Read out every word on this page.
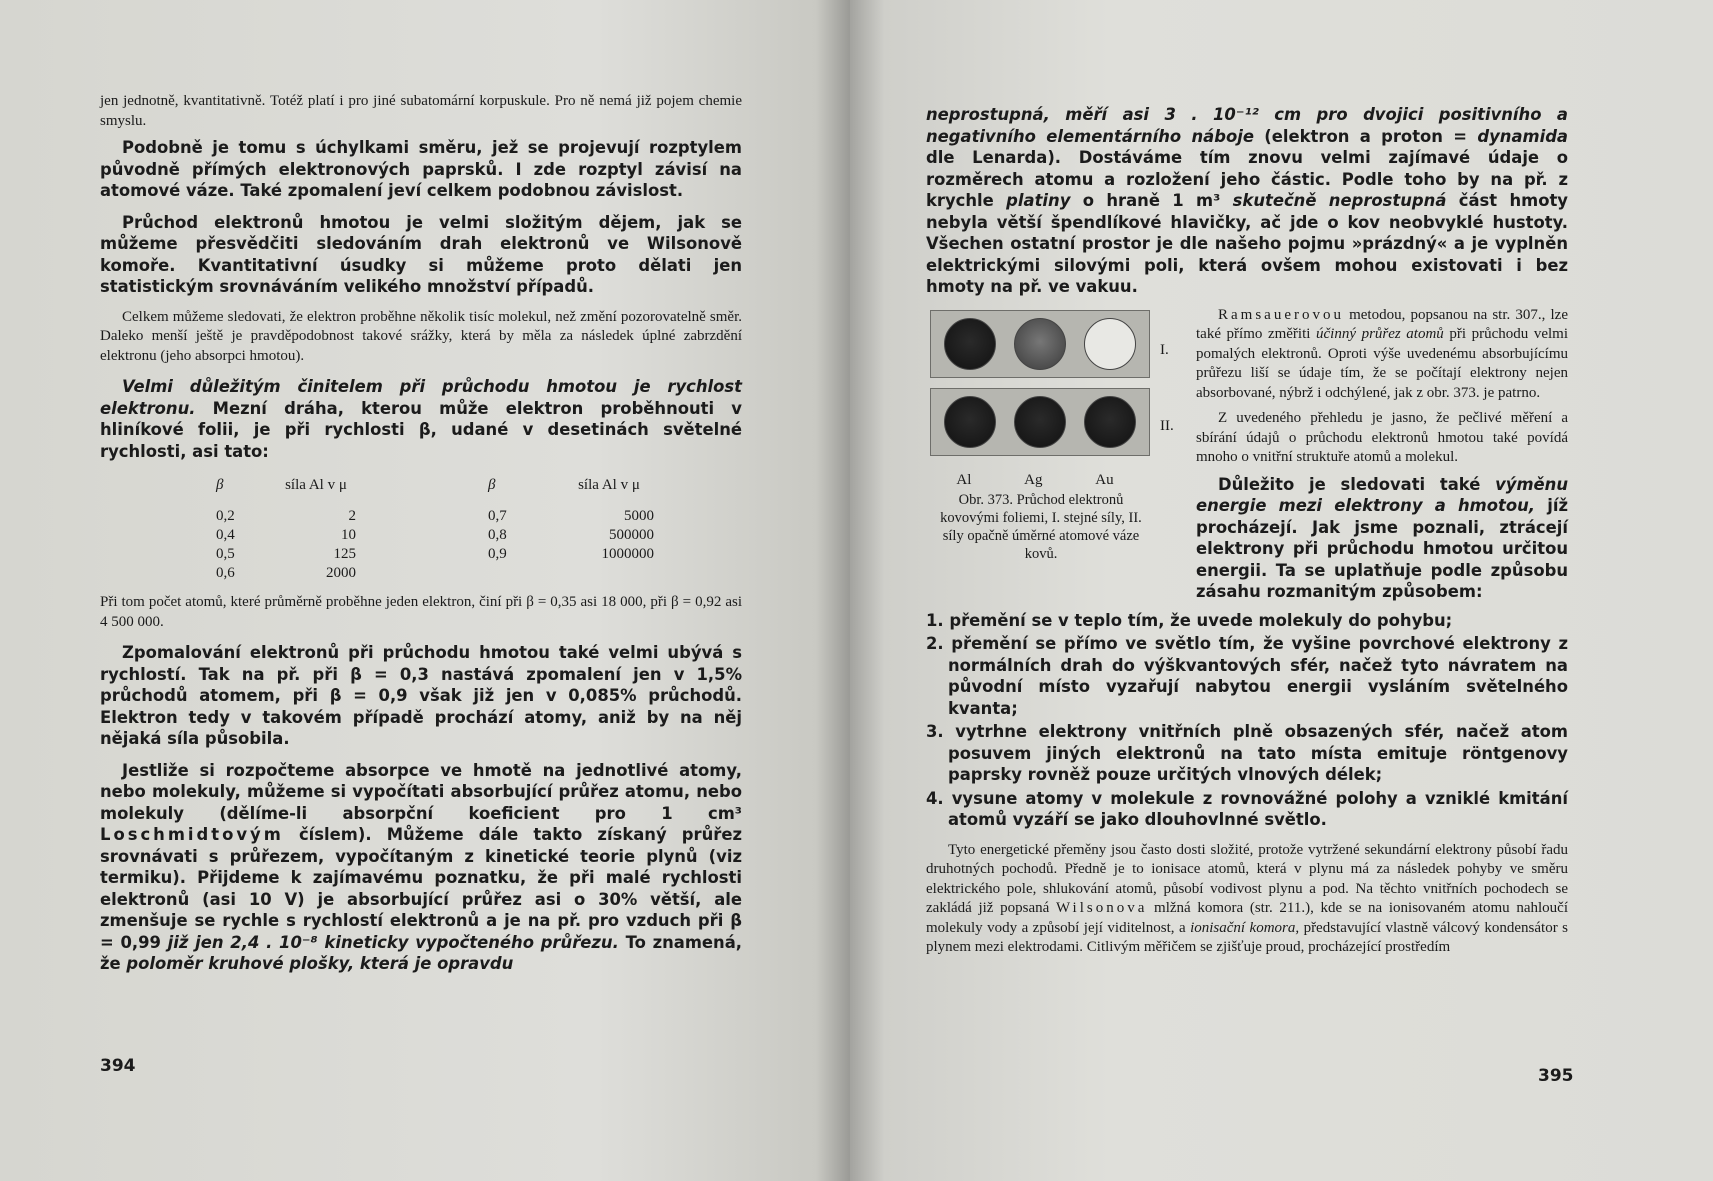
jen jednotně, kvantitativně. Totéž platí i pro jiné subatomární korpuskule. Pro ně nemá již pojem chemie smyslu.

Podobně je tomu s úchylkami směru, jež se projevují rozptylem původně přímých elektronových paprsků. I zde rozptyl závisí na atomové váze. Také zpomalení jeví celkem podobnou závislost.

Průchod elektronů hmotou je velmi složitým dějem, jak se můžeme přesvědčiti sledováním drah elektronů ve Wilsonově komoře. Kvantitativní úsudky si můžeme proto dělati jen statistickým srovnáváním velikého množství případů.

Celkem můžeme sledovati, že elektron proběhne několik tisíc molekul, než změní pozorovatelně směr. Daleko menší ještě je pravděpodobnost takové srážky, která by měla za následek úplné zabrzdění elektronu (jeho absorpci hmotou).

Velmi důležitým činitelem při průchodu hmotou je rychlost elektronu. Mezní dráha, kterou může elektron proběhnouti v hliníkové folii, je při rychlosti β, udané v desetinách světelné rychlosti, asi tato:

β
0,2
0,4
0,5
0,6
síla Al v μ
2
10
125
2000
β
0,7
0,8
0,9
síla Al v μ
5000
500000
1000000

Při tom počet atomů, které průměrně proběhne jeden elektron, činí při β = 0,35 asi 18 000, při β = 0,92 asi 4 500 000.

Zpomalování elektronů při průchodu hmotou také velmi ubývá s rychlostí. Tak na př. při β = 0,3 nastává zpomalení jen v 1,5% průchodů atomem, při β = 0,9 však již jen v 0,085% průchodů. Elektron tedy v takovém případě prochází atomy, aniž by na něj nějaká síla působila.

Jestliže si rozpočteme absorpce ve hmotě na jednotlivé atomy, nebo molekuly, můžeme si vypočítati absorbující průřez atomu, nebo molekuly (dělíme-li absorpční koeficient pro 1 cm³ Loschmidtovým číslem). Můžeme dále takto získaný průřez srovnávati s průřezem, vypočítaným z kinetické teorie plynů (viz termiku). Přijdeme k zajímavému poznatku, že při malé rychlosti elektronů (asi 10 V) je absorbující průřez asi o 30% větší, ale zmenšuje se rychle s rychlostí elektronů a je na př. pro vzduch při β = 0,99 již jen 2,4 . 10⁻⁸ kineticky vypočteného průřezu. To znamená, že poloměr kruhové plošky, která je opravdu

394

neprostupná, měří asi 3 . 10⁻¹² cm pro dvojici positivního a negativního elementárního náboje (elektron a proton = dynamida dle Lenarda). Dostáváme tím znovu velmi zajímavé údaje o rozměrech atomu a rozložení jeho částic. Podle toho by na př. z krychle platiny o hraně 1 m³ skutečně neprostupná část hmoty nebyla větší špendlíkové hlavičky, ač jde o kov neobvyklé hustoty. Všechen ostatní prostor je dle našeho pojmu »prázdný« a je vyplněn elektrickými silovými poli, která ovšem mohou existovati i bez hmoty na př. ve vakuu.

Al	Ag	Au
Obr. 373. Průchod elektronů kovovými foliemi, I. stejné síly, II. síly opačně úměrné atomové váze kovů.
I.
II.

Ramsauerovou metodou, popsanou na str. 307., lze také přímo změřiti účinný průřez atomů při průchodu velmi pomalých elektronů. Oproti výše uvedenému absorbujícímu průřezu liší se údaje tím, že se počítají elektrony nejen absorbované, nýbrž i odchýlené, jak z obr. 373. je patrno.

Z uvedeného přehledu je jasno, že pečlivé měření a sbírání údajů o průchodu elektronů hmotou také povídá mnoho o vnitřní struktuře atomů a molekul.

Důležito je sledovati také výměnu energie mezi elektrony a hmotou, jíž procházejí. Jak jsme poznali, ztrácejí elektrony při průchodu hmotou určitou energii. Ta se uplatňuje podle způsobu zásahu rozmanitým způsobem:

1. přemění se v teplo tím, že uvede molekuly do pohybu;
2. přemění se přímo ve světlo tím, že vyšine povrchové elektrony z normálních drah do výškvantových sfér, načež tyto návratem na původní místo vyzařují nabytou energii vysláním světelného kvanta;
3. vytrhne elektrony vnitřních plně obsazených sfér, načež atom posuvem jiných elektronů na tato místa emituje röntgenovy paprsky rovněž pouze určitých vlnových délek;
4. vysune atomy v molekule z rovnovážné polohy a vzniklé kmitání atomů vyzáří se jako dlouhovlnné světlo.

Tyto energetické přeměny jsou často dosti složité, protože vytržené sekundární elektrony působí řadu druhotných pochodů. Předně je to ionisace atomů, která v plynu má za následek pohyby ve směru elektrického pole, shlukování atomů, působí vodivost plynu a pod. Na těchto vnitřních pochodech se zakládá již popsaná Wilsonova mlžná komora (str. 211.), kde se na ionisovaném atomu nahloučí molekuly vody a způsobí její viditelnost, a ionisační komora, představující vlastně válcový kondensátor s plynem mezi elektrodami. Citlivým měřičem se zjišťuje proud, procházející prostředím

395
